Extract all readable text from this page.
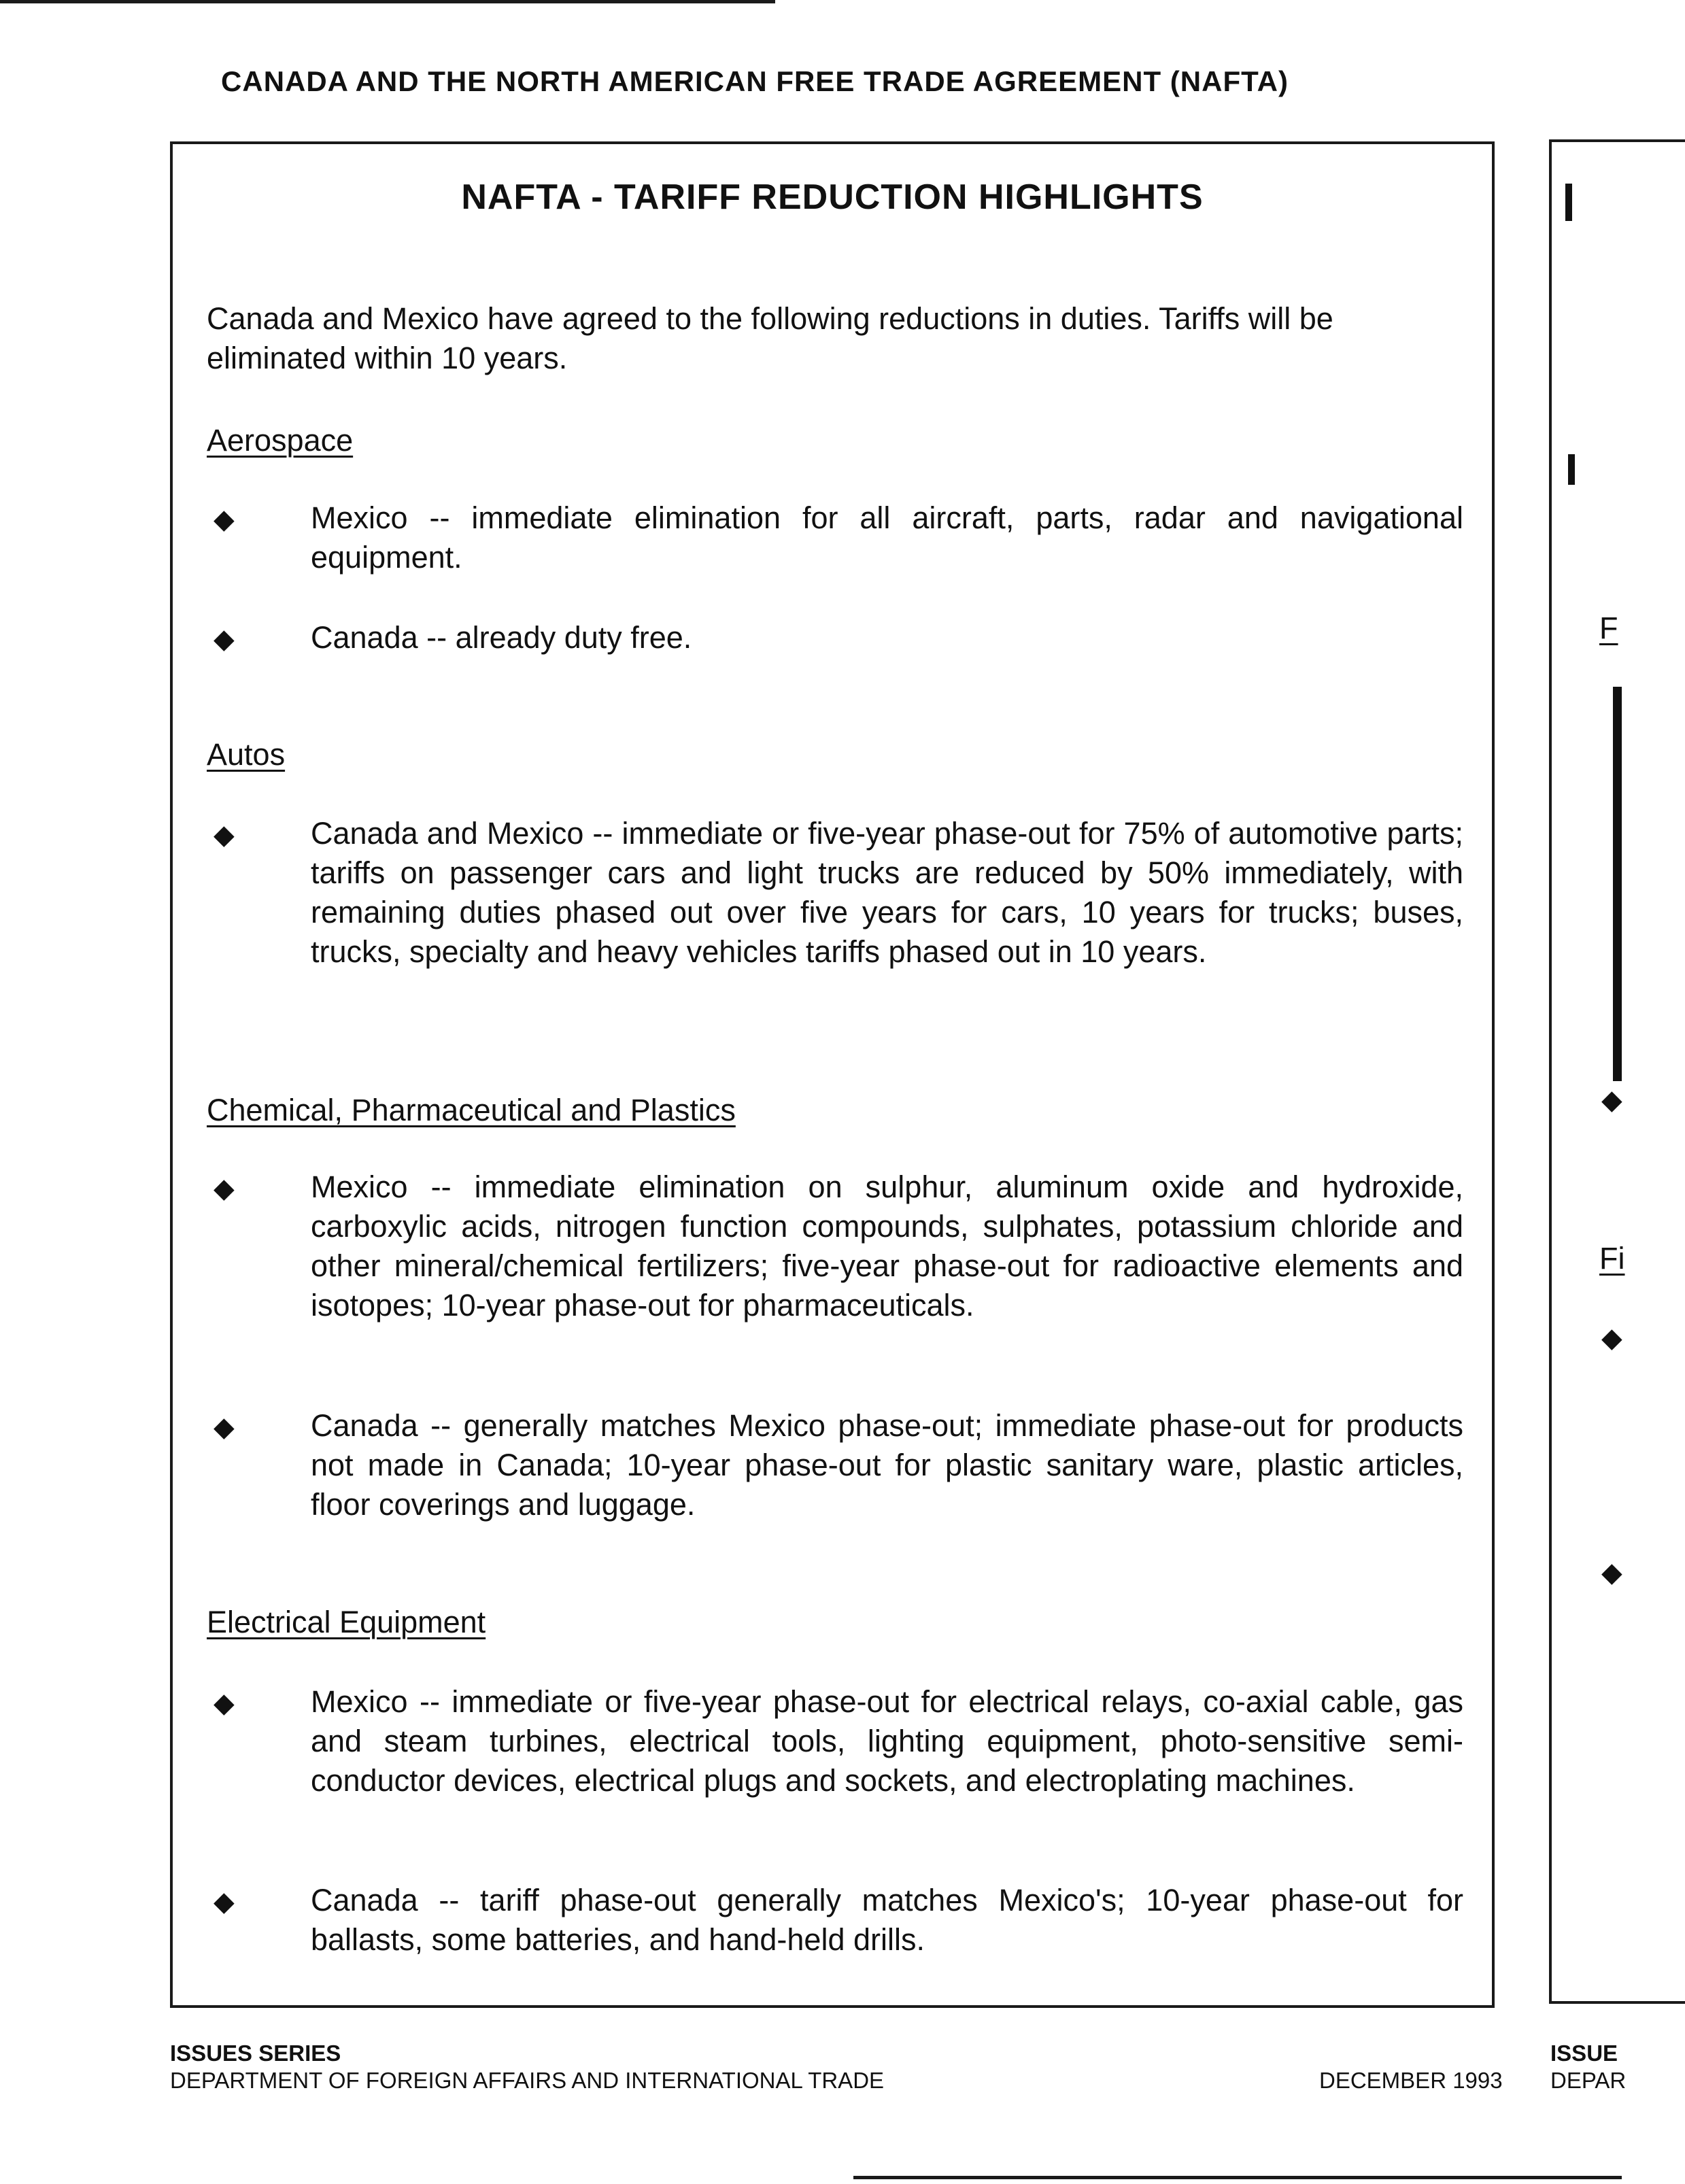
CANADA AND THE NORTH AMERICAN FREE TRADE AGREEMENT (NAFTA)
NAFTA - TARIFF REDUCTION HIGHLIGHTS
Canada and Mexico have agreed to the following reductions in duties. Tariffs will be eliminated within 10 years.
Aerospace
◆ Mexico -- immediate elimination for all aircraft, parts, radar and navigational equipment.
◆ Canada -- already duty free.
Autos
◆ Canada and Mexico -- immediate or five-year phase-out for 75% of automotive parts; tariffs on passenger cars and light trucks are reduced by 50% immediately, with remaining duties phased out over five years for cars, 10 years for trucks; buses, trucks, specialty and heavy vehicles tariffs phased out in 10 years.
Chemical, Pharmaceutical and Plastics
◆ Mexico -- immediate elimination on sulphur, aluminum oxide and hydroxide, carboxylic acids, nitrogen function compounds, sulphates, potassium chloride and other mineral/chemical fertilizers; five-year phase-out for radioactive elements and isotopes; 10-year phase-out for pharmaceuticals.
◆ Canada -- generally matches Mexico phase-out; immediate phase-out for products not made in Canada; 10-year phase-out for plastic sanitary ware, plastic articles, floor coverings and luggage.
Electrical Equipment
◆ Mexico -- immediate or five-year phase-out for electrical relays, co-axial cable, gas and steam turbines, electrical tools, lighting equipment, photo-sensitive semi-conductor devices, electrical plugs and sockets, and electroplating machines.
◆ Canada -- tariff phase-out generally matches Mexico's; 10-year phase-out for ballasts, some batteries, and hand-held drills.
ISSUES SERIES
DEPARTMENT OF FOREIGN AFFAIRS AND INTERNATIONAL TRADE	DECEMBER 1993
F
◆
Fi
◆
◆
ISSUE
DEPAR
